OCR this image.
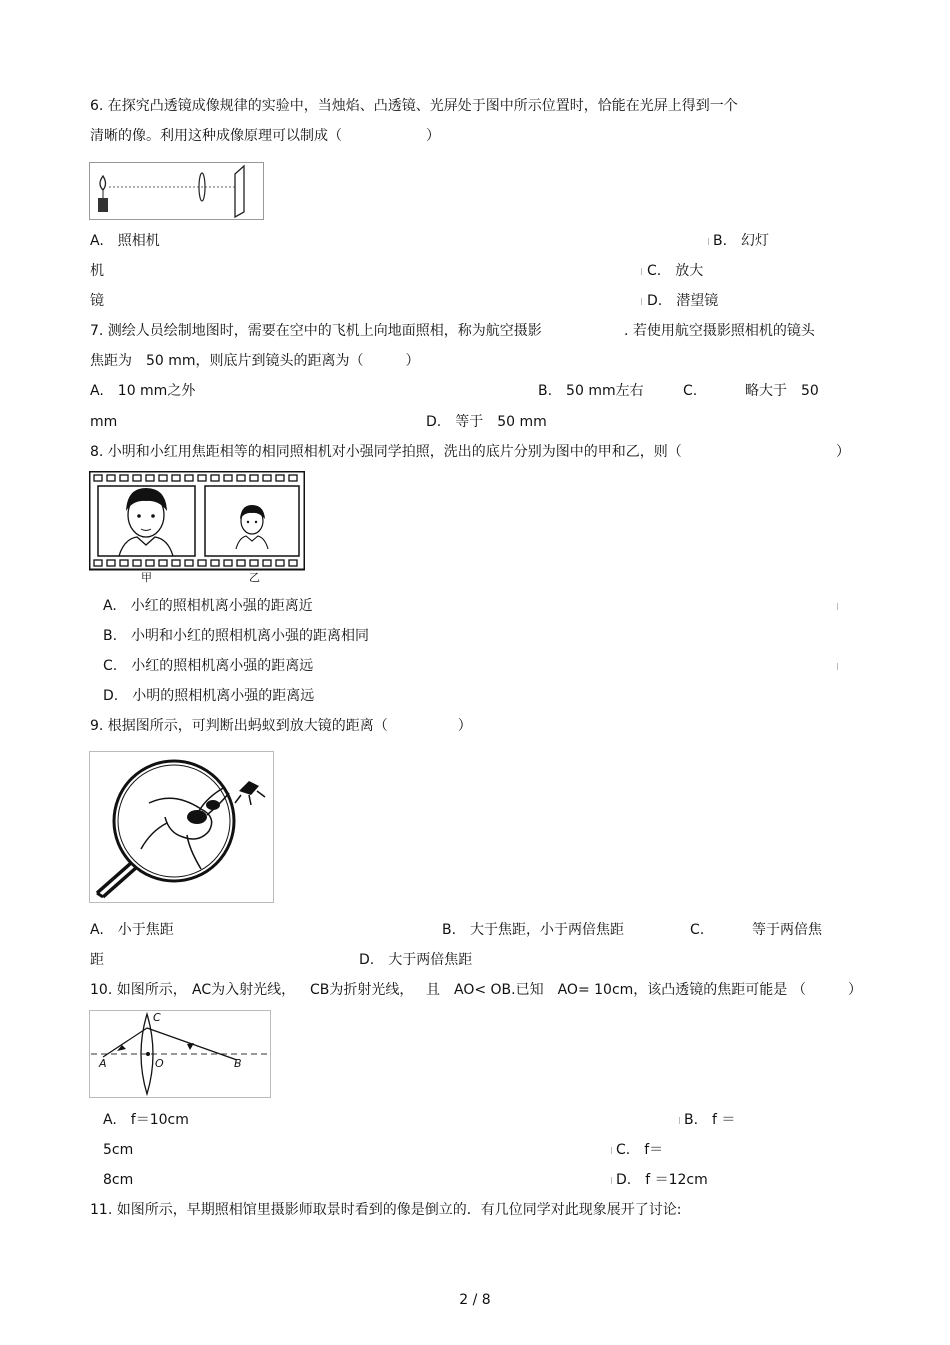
6. 在探究凸透镜成像规律的实验中，当烛焰、凸透镜、光屏处于图中所示位置时，恰能在光屏上得到一个
清晰的像。利用这种成像原理可以制成（　　　　　　）
A.　照相机	B.　幻灯
机	C.　放大
镜	D.　潜望镜
7. 测绘人员绘制地图时，需要在空中的飞机上向地面照相，称为航空摄影	. 若使用航空摄影照相机的镜头
焦距为　50 mm，则底片到镜头的距离为（　　　）
A.　10 mm之外	B.　50 mm左右	C.	略大于　50
mm	D.　等于　50 mm
8. 小明和小红用焦距相等的相同照相机对小强同学拍照，洗出的底片分别为图中的甲和乙，则（	）
甲	乙
A.　小红的照相机离小强的距离近
B.　小明和小红的照相机离小强的距离相同
C.　小红的照相机离小强的距离远
D.　小明的照相机离小强的距离远
9. 根据图所示，可判断出蚂蚁到放大镜的距离（　　　　　）
A.　小于焦距	B.　大于焦距，小于两倍焦距	C.	等于两倍焦
距	D.　大于两倍焦距
10. 如图所示， AC为入射光线， CB为折射光线， 且　AO< OB.已知　AO= 10cm，该凸透镜的焦距可能是 （　　　）
A	O	B
C
A.　f＝10cm	B.　f ＝
5cm	C.　f＝
8cm	D.　f ＝12cm
11. 如图所示，早期照相馆里摄影师取景时看到的像是倒立的．有几位同学对此现象展开了讨论:
2 / 8
